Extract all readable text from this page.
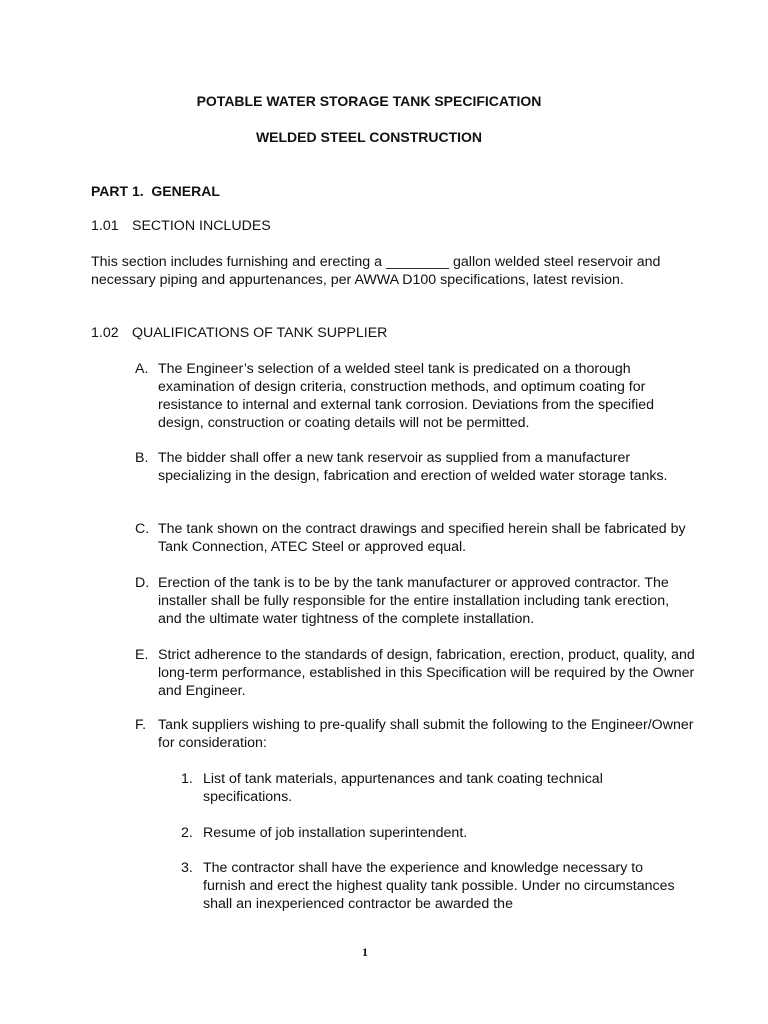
POTABLE WATER STORAGE TANK SPECIFICATION

WELDED STEEL CONSTRUCTION

PART 1.  GENERAL

1.01 SECTION INCLUDES

This section includes furnishing and erecting a ________ gallon welded steel reservoir and necessary piping and appurtenances, per AWWA D100 specifications, latest revision.

1.02 QUALIFICATIONS OF TANK SUPPLIER

A. The Engineer’s selection of a welded steel tank is predicated on a thorough examination of design criteria, construction methods, and optimum coating for resistance to internal and external tank corrosion. Deviations from the specified design, construction or coating details will not be permitted.
B. The bidder shall offer a new tank reservoir as supplied from a manufacturer specializing in the design, fabrication and erection of welded water storage tanks.
C. The tank shown on the contract drawings and specified herein shall be fabricated by Tank Connection, ATEC Steel or approved equal.
D. Erection of the tank is to be by the tank manufacturer or approved contractor. The installer shall be fully responsible for the entire installation including tank erection, and the ultimate water tightness of the complete installation.
E. Strict adherence to the standards of design, fabrication, erection, product, quality, and long-term performance, established in this Specification will be required by the Owner and Engineer.
F. Tank suppliers wishing to pre-qualify shall submit the following to the Engineer/Owner for consideration:
1. List of tank materials, appurtenances and tank coating technical specifications.
2. Resume of job installation superintendent.
3. The contractor shall have the experience and knowledge necessary to furnish and erect the highest quality tank possible. Under no circumstances shall an inexperienced contractor be awarded the

1
